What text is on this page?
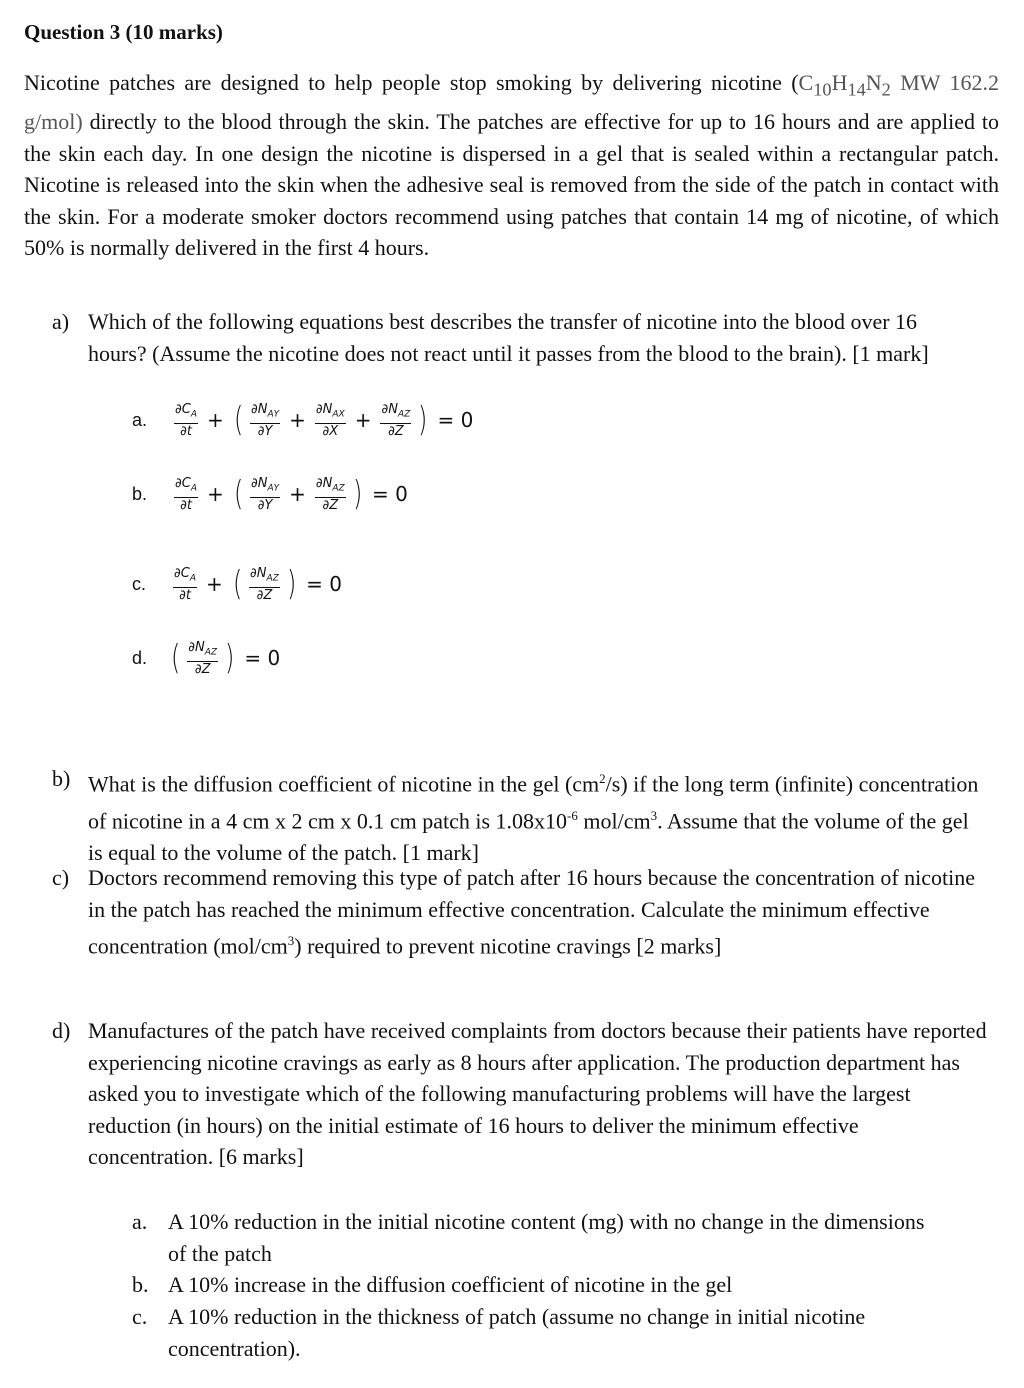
Question 3 (10 marks)
Nicotine patches are designed to help people stop smoking by delivering nicotine ($C_{10}H_{14}N_2$ MW 162.2 g/mol) directly to the blood through the skin. The patches are effective for up to 16 hours and are applied to the skin each day. In one design the nicotine is dispersed in a gel that is sealed within a rectangular patch. Nicotine is released into the skin when the adhesive seal is removed from the side of the patch in contact with the skin. For a moderate smoker doctors recommend using patches that contain 14 mg of nicotine, of which 50% is normally delivered in the first 4 hours.
a) Which of the following equations best describes the transfer of nicotine into the blood over 16 hours? (Assume the nicotine does not react until it passes from the blood to the brain). [1 mark]
a. $\frac{\partial C_A}{\partial t}$ + ( $\frac{\partial N_{AY}}{\partial Y} + \frac{\partial N_{AX}}{\partial X} + \frac{\partial N_{AZ}}{\partial Z}$ ) = 0
b. $\frac{\partial C_A}{\partial t}$ + ( $\frac{\partial N_{AY}}{\partial Y} + \frac{\partial N_{AZ}}{\partial Z}$ ) = 0
c. $\frac{\partial C_A}{\partial t}$ + ( $\frac{\partial N_{AZ}}{\partial Z}$ ) = 0
d. ( $\frac{\partial N_{AZ}}{\partial Z}$ ) = 0
b) What is the diffusion coefficient of nicotine in the gel $(cm^2/s)$ if the long term (infinite) concentration of nicotine in a 4 cm x 2 cm x 0.1 cm patch is $1.08x10^{-6}$ mol/$cm^3$. Assume that the volume of the gel is equal to the volume of the patch. [1 mark]
c) Doctors recommend removing this type of patch after 16 hours because the concentration of nicotine in the patch has reached the minimum effective concentration. Calculate the minimum effective concentration $(mol/cm^3)$ required to prevent nicotine cravings [2 marks]
d) Manufactures of the patch have received complaints from doctors because their patients have reported experiencing nicotine cravings as early as 8 hours after application. The production department has asked you to investigate which of the following manufacturing problems will have the largest reduction (in hours) on the initial estimate of 16 hours to deliver the minimum effective concentration. [6 marks]
a. A 10% reduction in the initial nicotine content (mg) with no change in the dimensions of the patch
b. A 10% increase in the diffusion coefficient of nicotine in the gel
c. A 10% reduction in the thickness of patch (assume no change in initial nicotine concentration).
